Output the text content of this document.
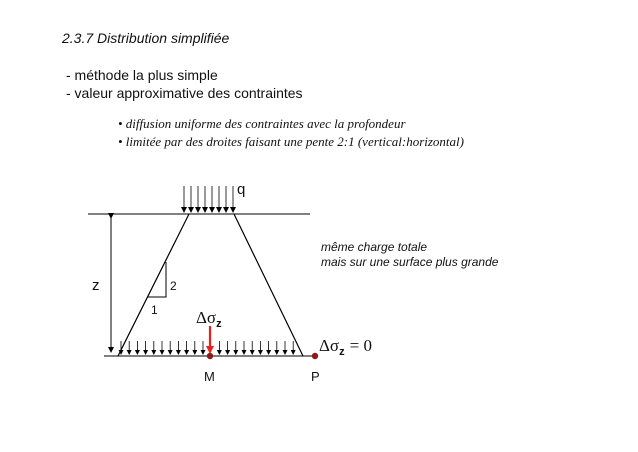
2.3.7 Distribution simplifiée
- méthode la plus simple
- valeur approximative des contraintes
• diffusion uniforme des contraintes avec la profondeur
• limitée par des droites faisant une pente 2:1 (vertical:horizontal)
même charge totale
mais sur une surface plus grande
q
z	2
1 $\Delta\sigma_z$
$\Delta\sigma_z = 0$
M	P
